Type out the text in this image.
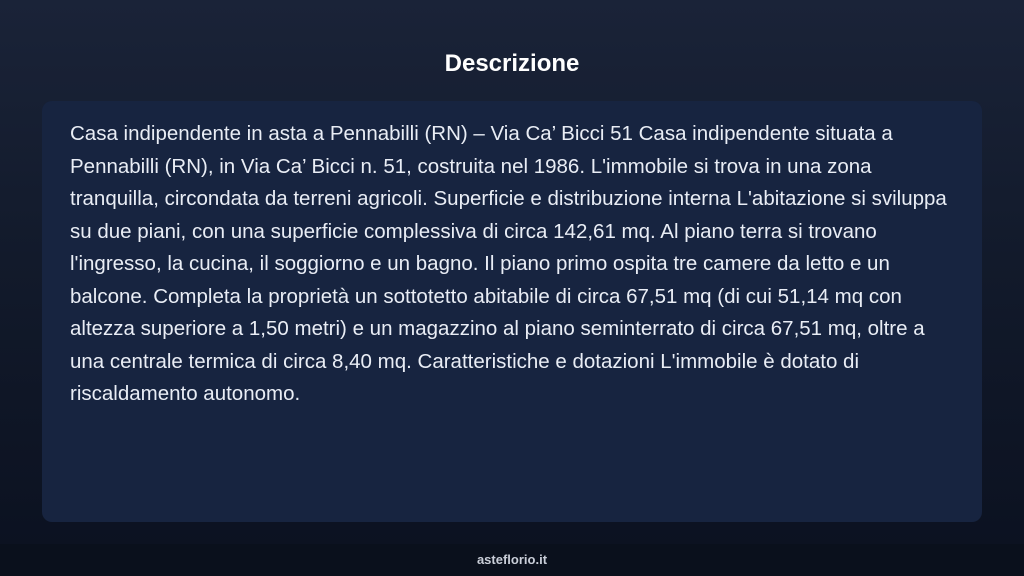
Descrizione

Casa indipendente in asta a Pennabilli (RN) – Via Ca’ Bicci 51 Casa indipendente situata a Pennabilli (RN), in Via Ca’ Bicci n. 51, costruita nel 1986. L'immobile si trova in una zona tranquilla, circondata da terreni agricoli. Superficie e distribuzione interna L'abitazione si sviluppa su due piani, con una superficie complessiva di circa 142,61 mq. Al piano terra si trovano l'ingresso, la cucina, il soggiorno e un bagno. Il piano primo ospita tre camere da letto e un balcone. Completa la proprietà un sottotetto abitabile di circa 67,51 mq (di cui 51,14 mq con altezza superiore a 1,50 metri) e un magazzino al piano seminterrato di circa 67,51 mq, oltre a una centrale termica di circa 8,40 mq. Caratteristiche e dotazioni L'immobile è dotato di riscaldamento autonomo.

asteflorio.it
